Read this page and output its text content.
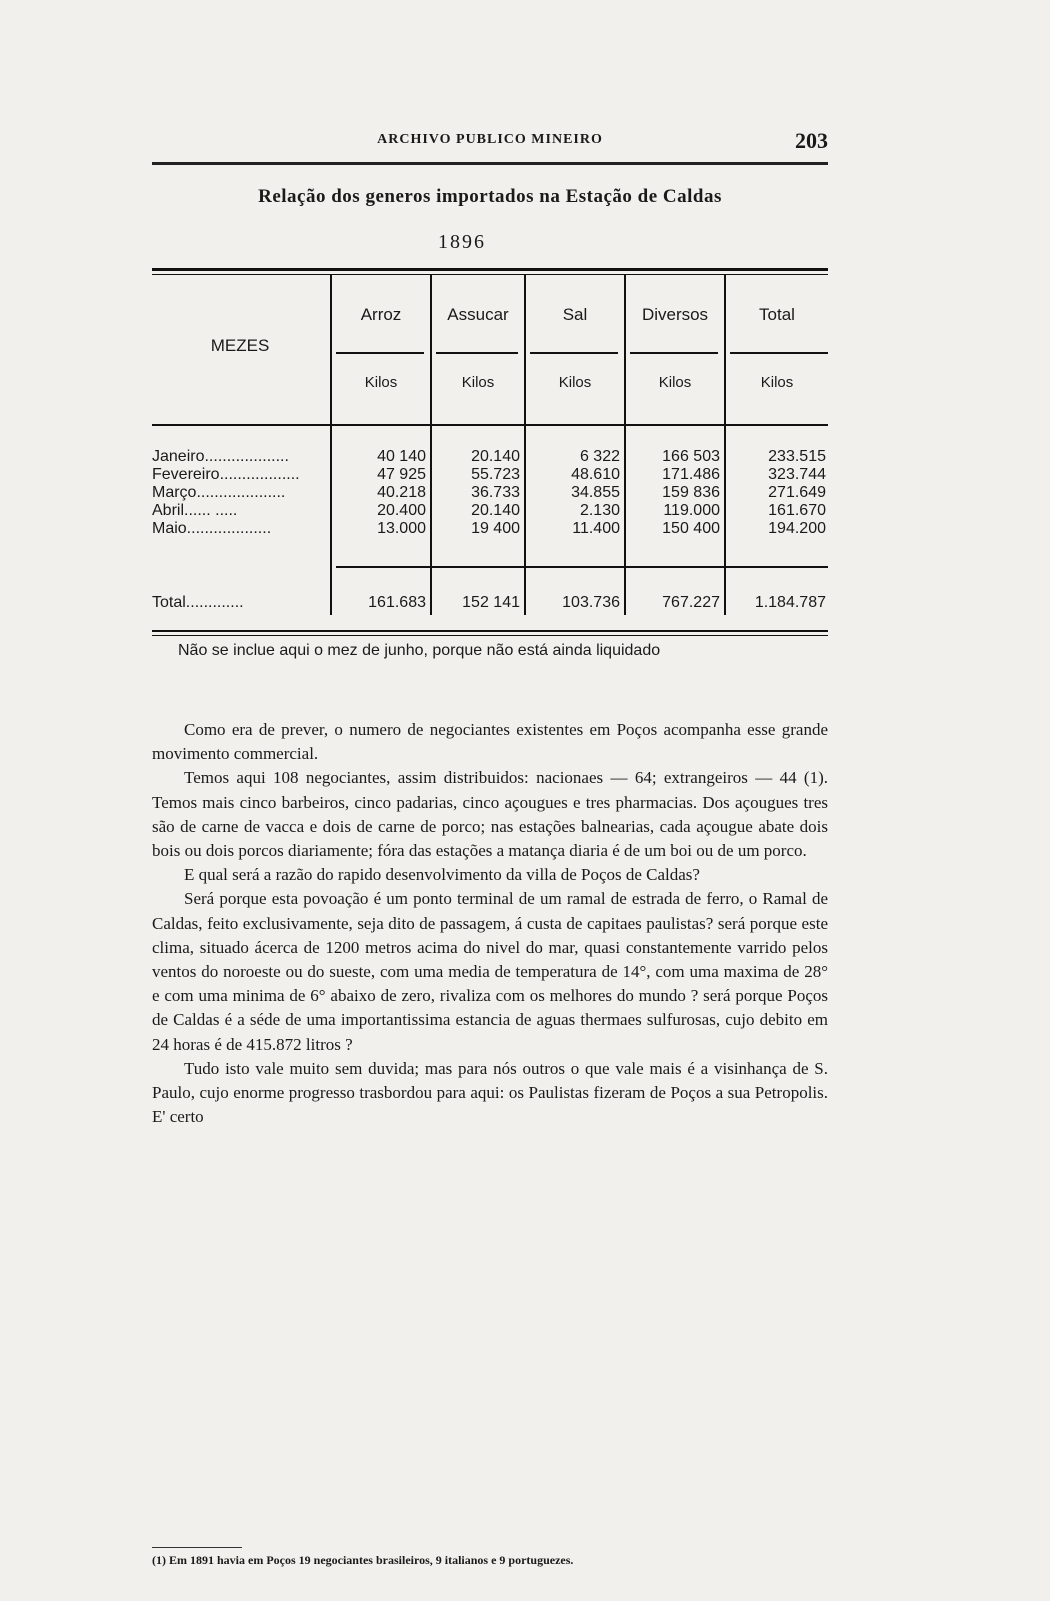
ARCHIVO PUBLICO MINEIRO	203
Relação dos generos importados na Estação de Caldas
1896
MEZES
Arroz	Assucar	Sal	Diversos	Total
Kilos	Kilos	Kilos	Kilos	Kilos
Janeiro...................	40 140	20.140	6 322	166 503	233.515
Fevereiro..................	47 925	55.723	48.610	171.486	323.744
Março....................	40.218	36.733	34.855	159 836	271.649
Abril...... .....	20.400	20.140	2.130	119.000	161.670
Maio...................	13.000	19 400	11.400	150 400	194.200
Total.............	161.683	152 141	103.736	767.227	1.184.787
Não se inclue aqui o mez de junho, porque não está ainda liquidado

Como era de prever, o numero de negociantes existentes em Poços acompanha esse grande movimento commercial.

Temos aqui 108 negociantes, assim distribuidos: nacionaes — 64; extrangeiros — 44 (1). Temos mais cinco barbeiros, cinco padarias, cinco açougues e tres pharmacias. Dos açougues tres são de carne de vacca e dois de carne de porco; nas estações balnearias, cada açougue abate dois bois ou dois porcos diariamente; fóra das estações a matança diaria é de um boi ou de um porco.

E qual será a razão do rapido desenvolvimento da villa de Poços de Caldas?

Será porque esta povoação é um ponto terminal de um ramal de estrada de ferro, o Ramal de Caldas, feito exclusivamente, seja dito de passagem, á custa de capitaes paulistas? será porque este clima, situado ácerca de 1200 metros acima do nivel do mar, quasi constantemente varrido pelos ventos do noroeste ou do sueste, com uma media de temperatura de 14°, com uma maxima de 28° e com uma minima de 6° abaixo de zero, rivaliza com os melhores do mundo ? será porque Poços de Caldas é a séde de uma importantissima estancia de aguas thermaes sulfurosas, cujo debito em 24 horas é de 415.872 litros ?

Tudo isto vale muito sem duvida; mas para nós outros o que vale mais é a visinhança de S. Paulo, cujo enorme progresso trasbordou para aqui: os Paulistas fizeram de Poços a sua Petropolis. E' certo

(1) Em 1891 havia em Poços 19 negociantes brasileiros, 9 italianos e 9 portuguezes.
